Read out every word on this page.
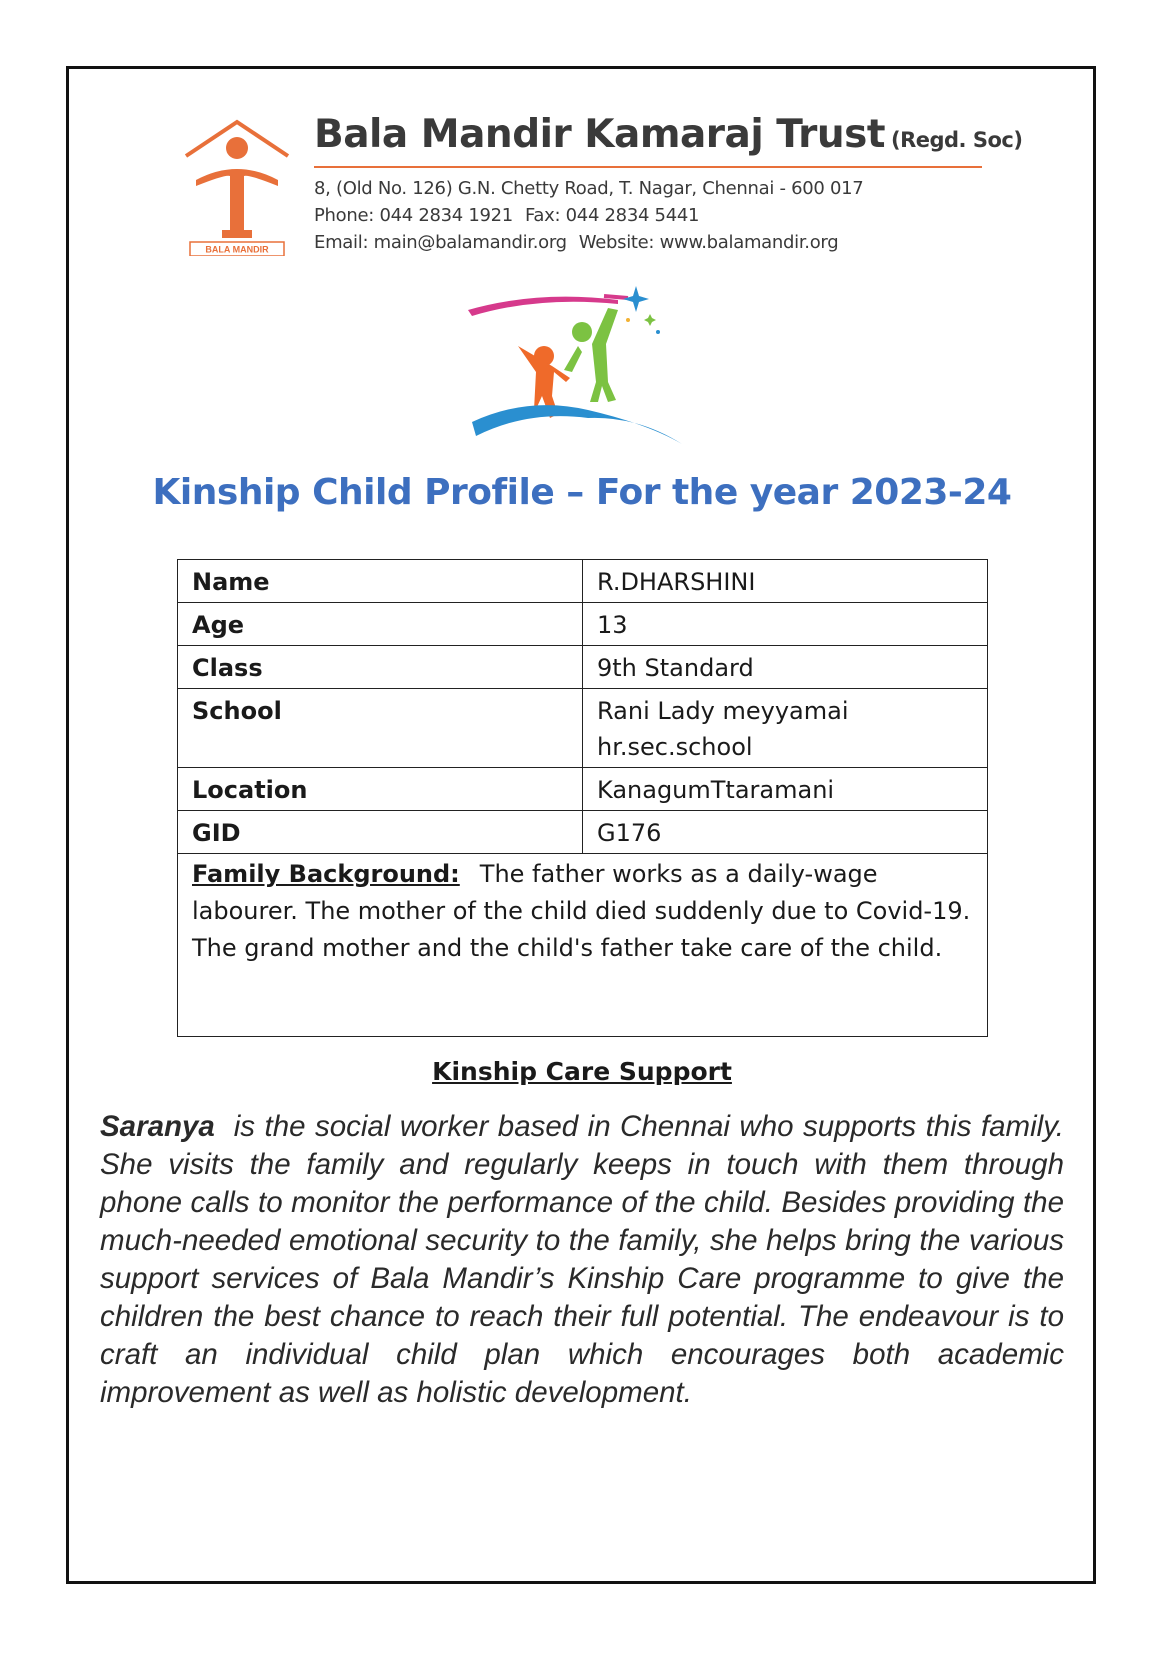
BALA MANDIR
Bala Mandir Kamaraj Trust (Regd. Soc)
8, (Old No. 126) G.N. Chetty Road, T. Nagar, Chennai - 600 017
Phone: 044 2834 1921 Fax: 044 2834 5441
Email: main@balamandir.org Website: www.balamandir.org
Kinship Child Profile – For the year 2023-24
Name	R.DHARSHINI
Age	13
Class	9th Standard
School	Rani Lady meyyamai hr.sec.school
Location	KanagumTtaramani
GID	G176
Family Background: The father works as a daily-wage labourer. The mother of the child died suddenly due to Covid-19. The grand mother and the child's father take care of the child.	
Kinship Care Support

Saranya is the social worker based in Chennai who supports this family. She visits the family and regularly keeps in touch with them through phone calls to monitor the performance of the child. Besides providing the much-needed emotional security to the family, she helps bring the various support services of Bala Mandir’s Kinship Care programme to give the children the best chance to reach their full potential. The endeavour is to craft an individual child plan which encourages both academic improvement as well as holistic development.
